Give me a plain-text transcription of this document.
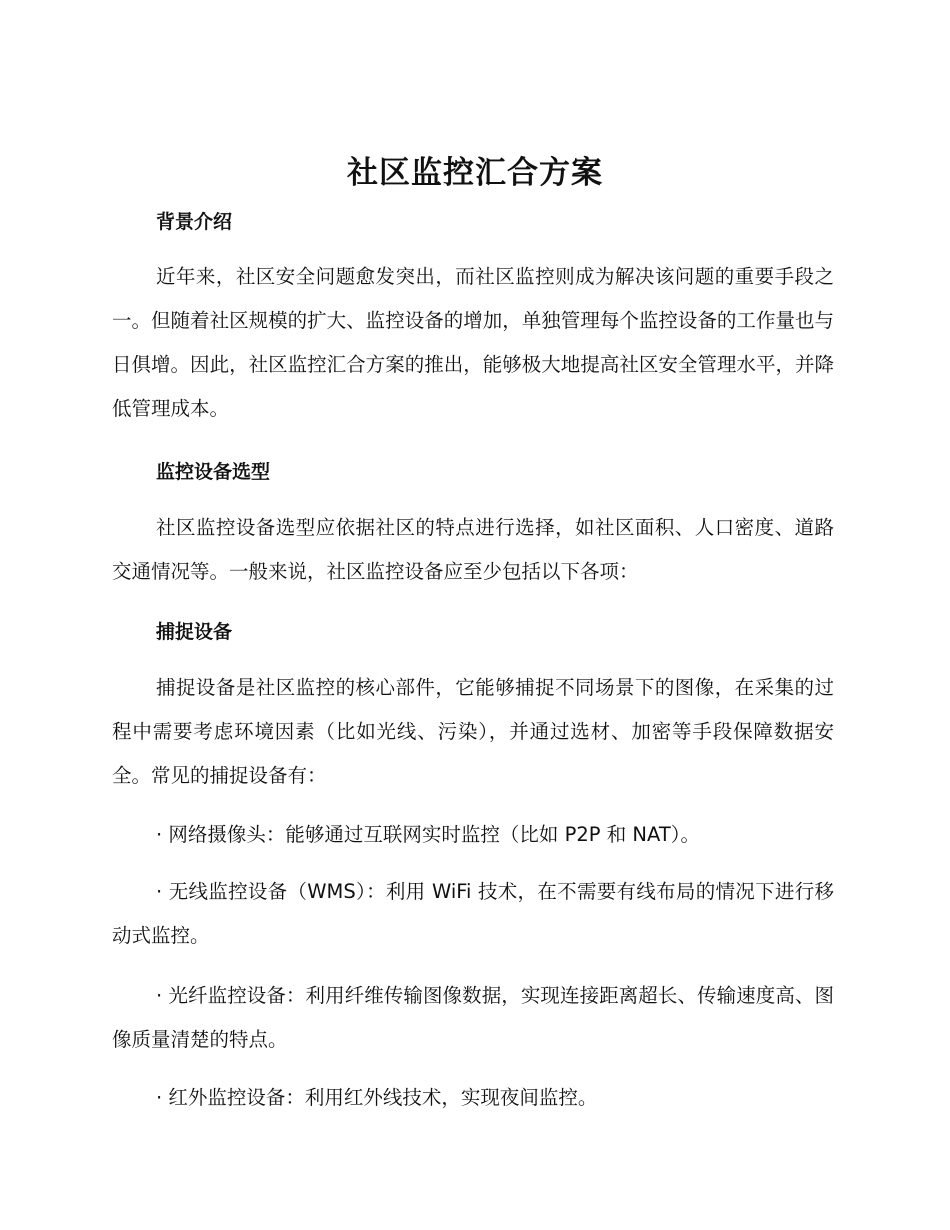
社区监控汇合方案
背景介绍

近年来，社区安全问题愈发突出，而社区监控则成为解决该问题的重要手段之一。但随着社区规模的扩大、监控设备的增加，单独管理每个监控设备的工作量也与日俱增。因此，社区监控汇合方案的推出，能够极大地提高社区安全管理水平，并降低管理成本。

监控设备选型

社区监控设备选型应依据社区的特点进行选择，如社区面积、人口密度、道路交通情况等。一般来说，社区监控设备应至少包括以下各项：

捕捉设备

捕捉设备是社区监控的核心部件，它能够捕捉不同场景下的图像，在采集的过程中需要考虑环境因素（比如光线、污染），并通过选材、加密等手段保障数据安全。常见的捕捉设备有：

· 网络摄像头：能够通过互联网实时监控（比如 P2P 和 NAT）。

· 无线监控设备（WMS）：利用 WiFi 技术，在不需要有线布局的情况下进行移动式监控。

· 光纤监控设备：利用纤维传输图像数据，实现连接距离超长、传输速度高、图像质量清楚的特点。

· 红外监控设备：利用红外线技术，实现夜间监控。
